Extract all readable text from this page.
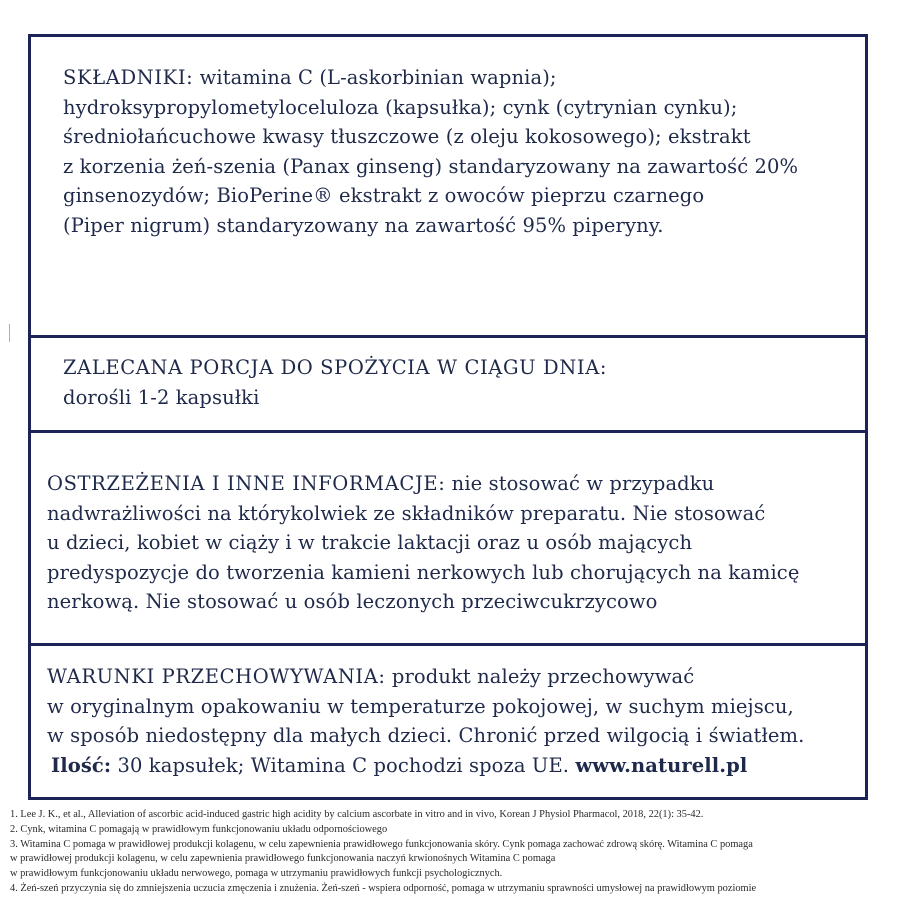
SKŁADNIKI: witamina C (L-askorbinian wapnia);
hydroksypropylometyloceluloza (kapsułka); cynk (cytrynian cynku);
średniołańcuchowe kwasy tłuszczowe (z oleju kokosowego); ekstrakt
z korzenia żeń-szenia (Panax ginseng) standaryzowany na zawartość 20%
ginsenozydów; BioPerine® ekstrakt z owoców pieprzu czarnego
(Piper nigrum) standaryzowany na zawartość 95% piperyny.

ZALECANA PORCJA DO SPOŻYCIA W CIĄGU DNIA:
dorośli 1-2 kapsułki

OSTRZEŻENIA I INNE INFORMACJE: nie stosować w przypadku
nadwrażliwości na którykolwiek ze składników preparatu. Nie stosować
u dzieci, kobiet w ciąży i w trakcie laktacji oraz u osób mających
predyspozycje do tworzenia kamieni nerkowych lub chorujących na kamicę
nerkową. Nie stosować u osób leczonych przeciwcukrzycowo

WARUNKI PRZECHOWYWANIA: produkt należy przechowywać
w oryginalnym opakowaniu w temperaturze pokojowej, w suchym miejscu,
w sposób niedostępny dla małych dzieci. Chronić przed wilgocią i światłem.
Ilość: 30 kapsułek; Witamina C pochodzi spoza UE. www.naturell.pl

1. Lee J. K., et al., Alleviation of ascorbic acid-induced gastric high acidity by calcium ascorbate in vitro and in vivo, Korean J Physiol Pharmacol, 2018, 22(1): 35-42.
2. Cynk, witamina C pomagają w prawidłowym funkcjonowaniu układu odpornościowego
3. Witamina C pomaga w prawidłowej produkcji kolagenu, w celu zapewnienia prawidłowego funkcjonowania skóry. Cynk pomaga zachować zdrową skórę. Witamina C pomaga
w prawidłowej produkcji kolagenu, w celu zapewnienia prawidłowego funkcjonowania naczyń krwionośnych Witamina C pomaga
w prawidłowym funkcjonowaniu układu nerwowego, pomaga w utrzymaniu prawidłowych funkcji psychologicznych.
4. Żeń-szeń przyczynia się do zmniejszenia uczucia zmęczenia i znużenia. Żeń-szeń - wspiera odporność, pomaga w utrzymaniu sprawności umysłowej na prawidłowym poziomie
